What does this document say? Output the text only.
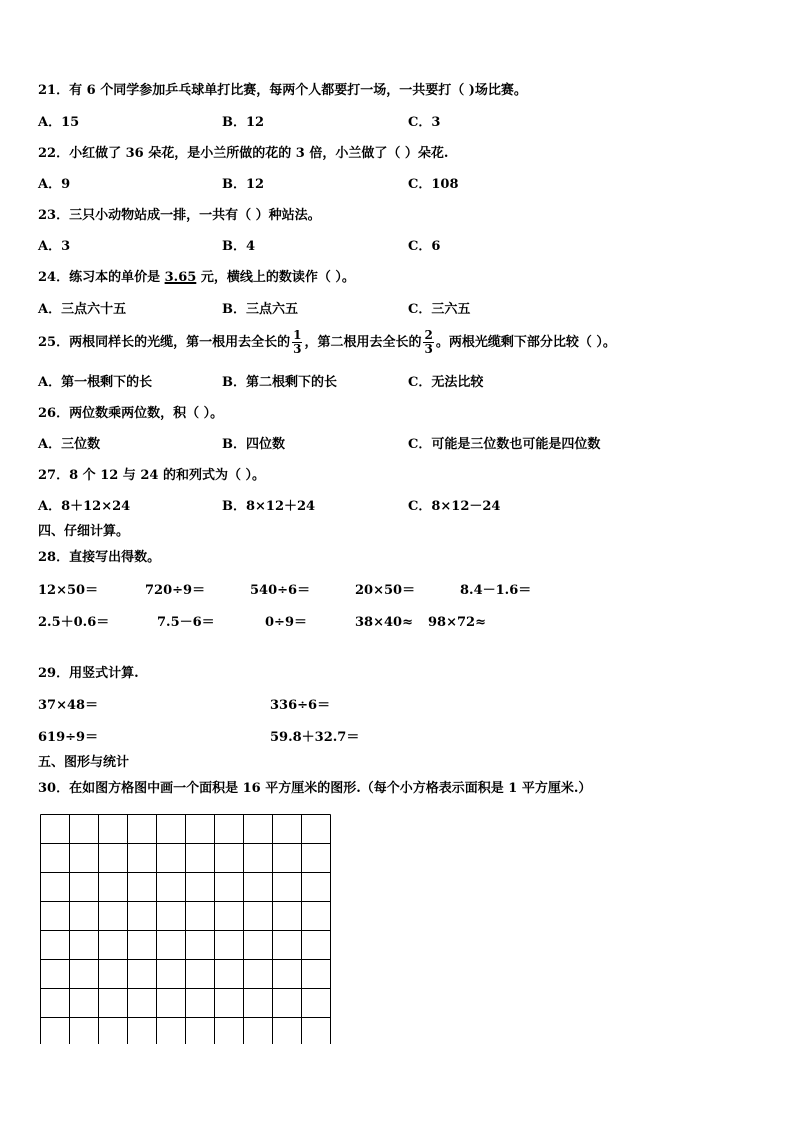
21．有 6 个同学参加乒乓球单打比赛，每两个人都要打一场，一共要打（ )场比赛。
A．15	B．12	C．3
22．小红做了 36 朵花，是小兰所做的花的 3 倍，小兰做了（ ）朵花.
A．9	B．12	C．108
23．三只小动物站成一排，一共有（ ）种站法。
A．3	B．4	C．6
24．练习本的单价是 3.65 元，横线上的数读作（ ）。
A．三点六十五	B．三点六五	C．三六五
25．两根同样长的光缆，第一根用去全长的 $\frac{1}{3}$ ，第二根用去全长的 $\frac{2}{3}$ 。两根光缆剩下部分比较（ ）。
A．第一根剩下的长	B．第二根剩下的长	C．无法比较
26．两位数乘两位数，积（ ）。
A．三位数	B．四位数	C．可能是三位数也可能是四位数
27．8 个 12 与 24 的和列式为（ ）。
A．8＋12×24	B．8×12＋24	C．8×12－24
四、仔细计算。
28．直接写出得数。
12×50＝	720÷9＝	540÷6＝	20×50＝	8.4－1.6＝
2.5＋0.6＝	7.5－6＝	0÷9＝	38×40≈ 98×72≈
29．用竖式计算.
37×48＝	336÷6＝
619÷9＝	59.8＋32.7＝
五、图形与统计
30．在如图方格图中画一个面积是 16 平方厘米的图形.（每个小方格表示面积是 1 平方厘米.）
